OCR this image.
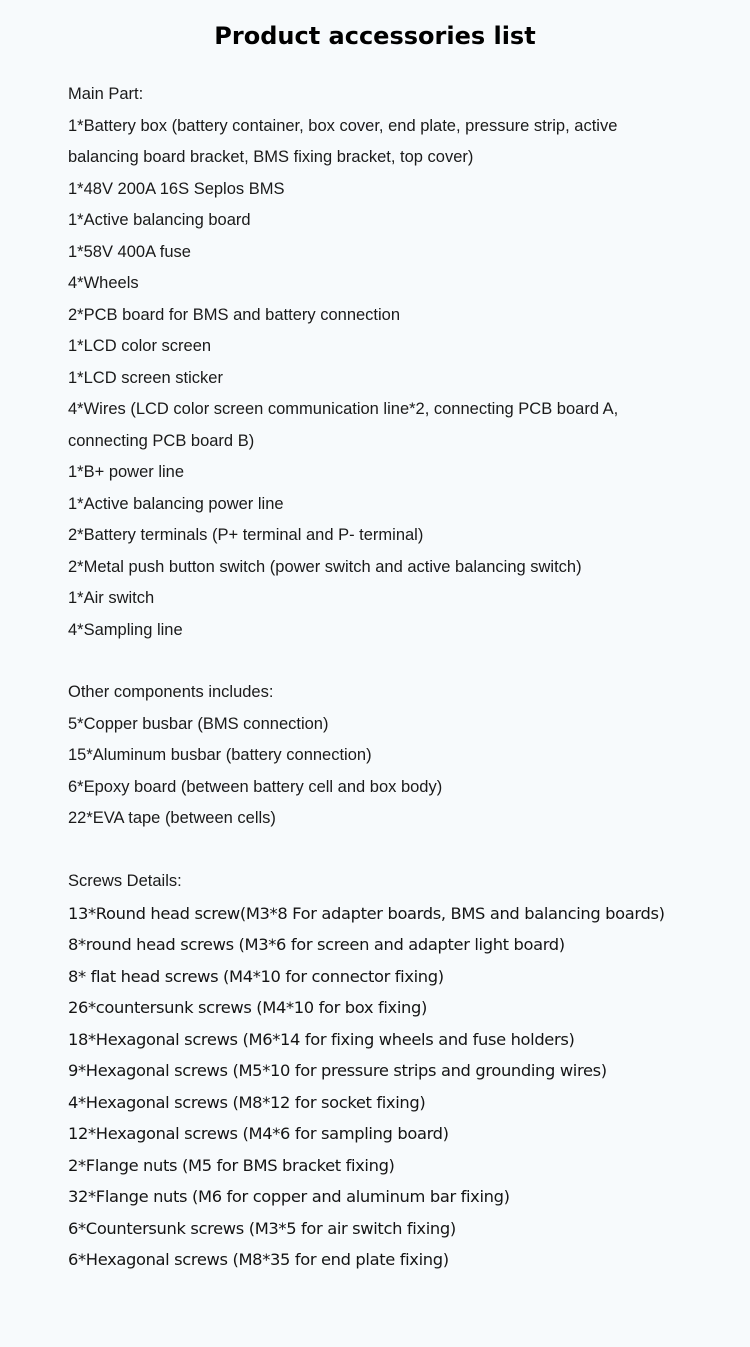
Product accessories list
Main Part:
1*Battery box (battery container, box cover, end plate, pressure strip, active
balancing board bracket, BMS fixing bracket, top cover)
1*48V 200A 16S Seplos BMS
1*Active balancing board
1*58V 400A fuse
4*Wheels
2*PCB board for BMS and battery connection
1*LCD color screen
1*LCD screen sticker
4*Wires (LCD color screen communication line*2, connecting PCB board A,
connecting PCB board B)
1*B+ power line
1*Active balancing power line
2*Battery terminals (P+ terminal and P- terminal)
2*Metal push button switch (power switch and active balancing switch)
1*Air switch
4*Sampling line
Other components includes:
5*Copper busbar (BMS connection)
15*Aluminum busbar (battery connection)
6*Epoxy board (between battery cell and box body)
22*EVA tape (between cells)
Screws Details:
13*Round head screw(M3*8 For adapter boards, BMS and balancing boards)
8*round head screws (M3*6 for screen and adapter light board)
8* flat head screws (M4*10 for connector fixing)
26*countersunk screws (M4*10 for box fixing)
18*Hexagonal screws (M6*14 for fixing wheels and fuse holders)
9*Hexagonal screws (M5*10 for pressure strips and grounding wires)
4*Hexagonal screws (M8*12 for socket fixing)
12*Hexagonal screws (M4*6 for sampling board)
2*Flange nuts (M5 for BMS bracket fixing)
32*Flange nuts (M6 for copper and aluminum bar fixing)
6*Countersunk screws (M3*5 for air switch fixing)
6*Hexagonal screws (M8*35 for end plate fixing)
